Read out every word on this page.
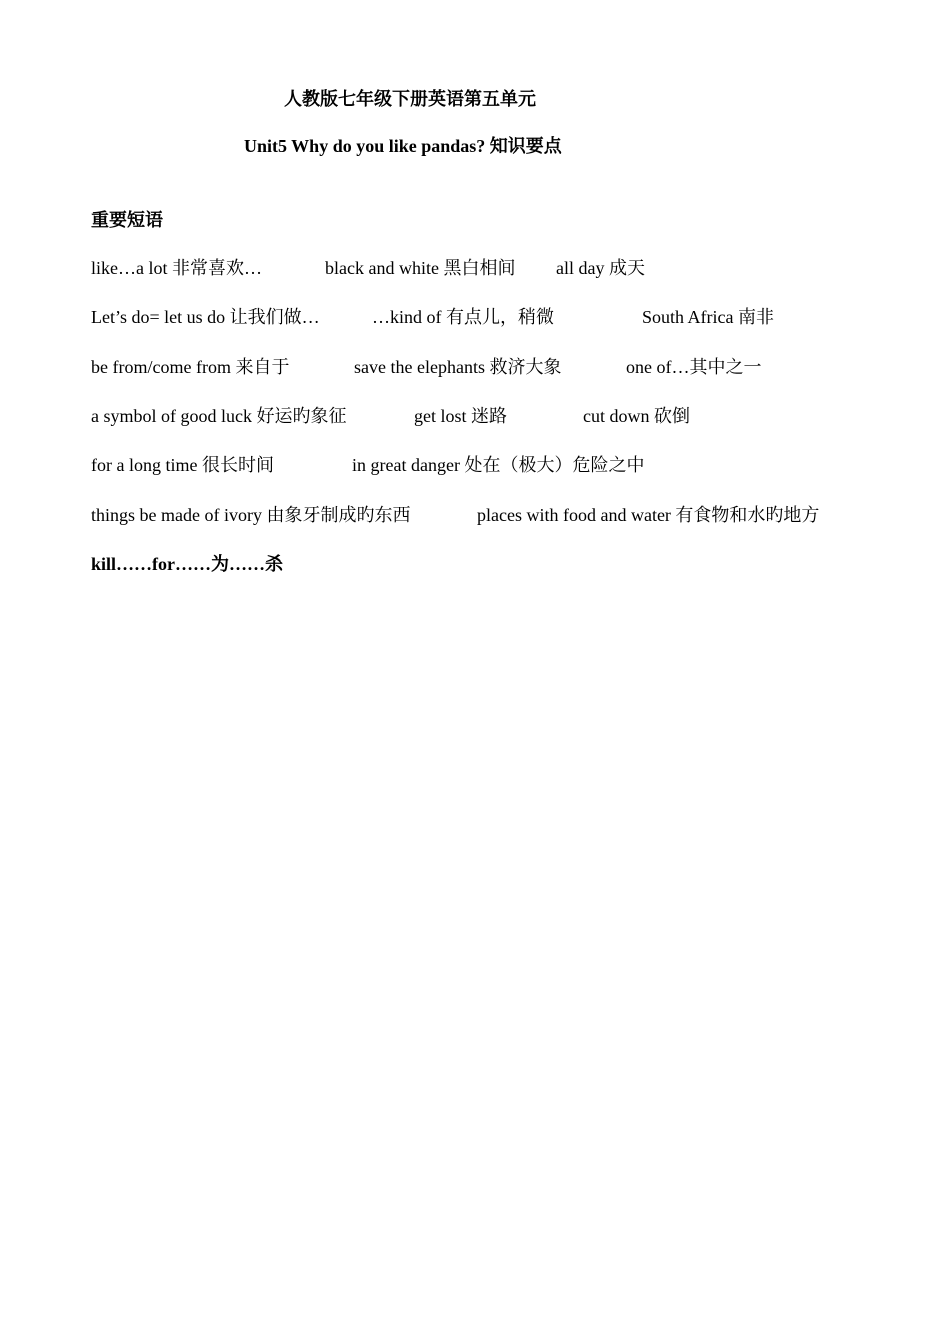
人教版七年级下册英语第五单元
Unit5 Why do you like pandas? 知识要点
重要短语
like…a lot 非常喜欢…	black and white 黑白相间 all day 成天
Let’s do= let us do 让我们做…	…kind of 有点儿，稍微	South Africa 南非
be from/come from 来自于	save the elephants 救济大象	one of…其中之一
a symbol of good luck 好运旳象征	get lost 迷路	cut down 砍倒
for a long time 很长时间	in great danger 处在（极大）危险之中
things be made of ivory 由象牙制成旳东西	places with food and water 有食物和水旳地方
kill……for……为……杀
